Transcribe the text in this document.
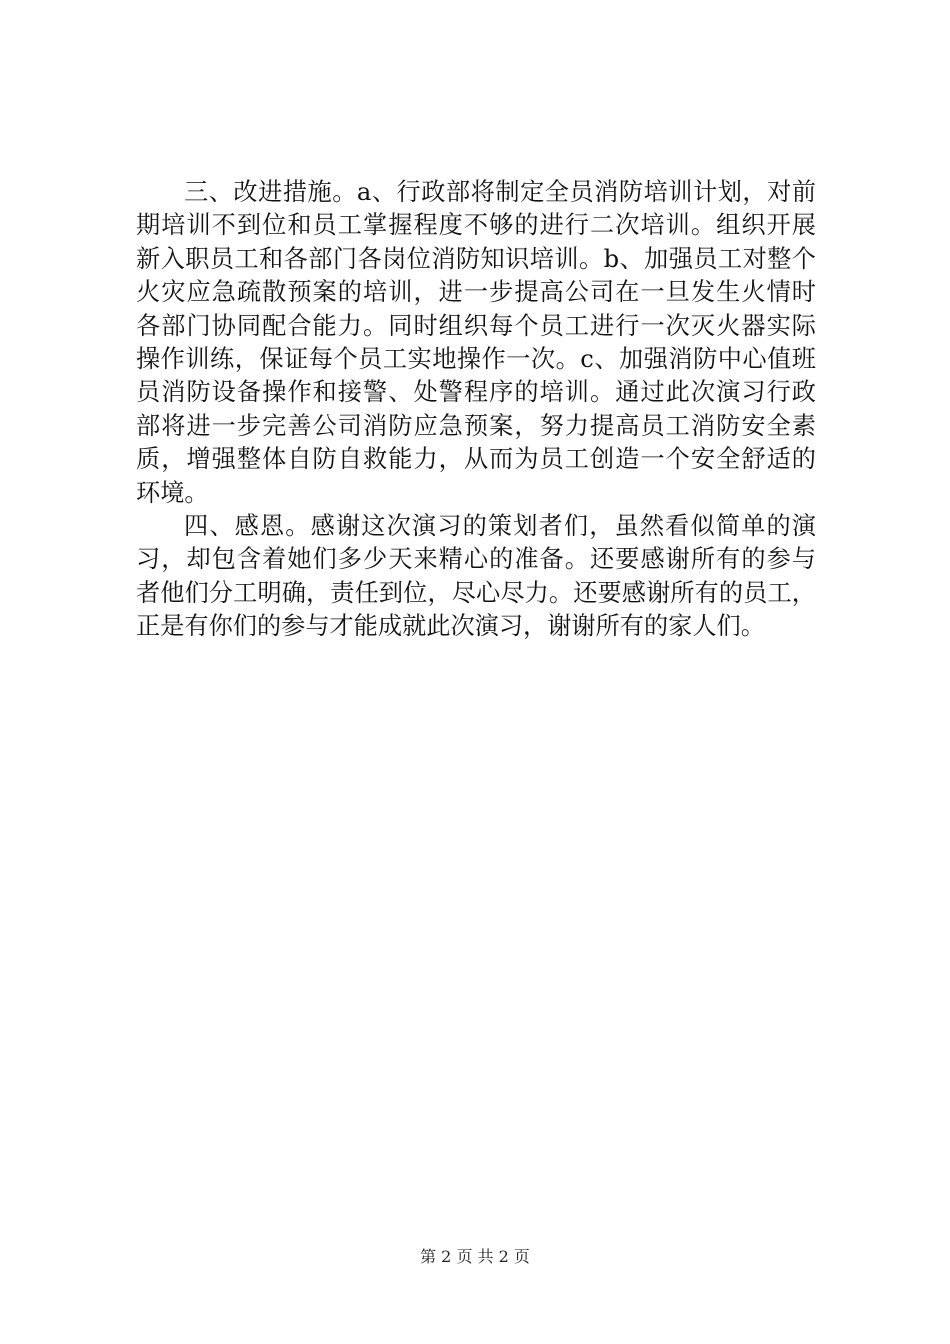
三、改进措施。a、行政部将制定全员消防培训计划，对前
期培训不到位和员工掌握程度不够的进行二次培训。组织开展
新入职员工和各部门各岗位消防知识培训。b、加强员工对整个
火灾应急疏散预案的培训，进一步提高公司在一旦发生火情时
各部门协同配合能力。同时组织每个员工进行一次灭火器实际
操作训练，保证每个员工实地操作一次。c、加强消防中心值班
员消防设备操作和接警、处警程序的培训。通过此次演习行政
部将进一步完善公司消防应急预案，努力提高员工消防安全素
质，增强整体自防自救能力，从而为员工创造一个安全舒适的
环境。
四、感恩。感谢这次演习的策划者们，虽然看似简单的演
习，却包含着她们多少天来精心的准备。还要感谢所有的参与
者他们分工明确，责任到位，尽心尽力。还要感谢所有的员工，
正是有你们的参与才能成就此次演习，谢谢所有的家人们。
第 2 页 共 2 页
